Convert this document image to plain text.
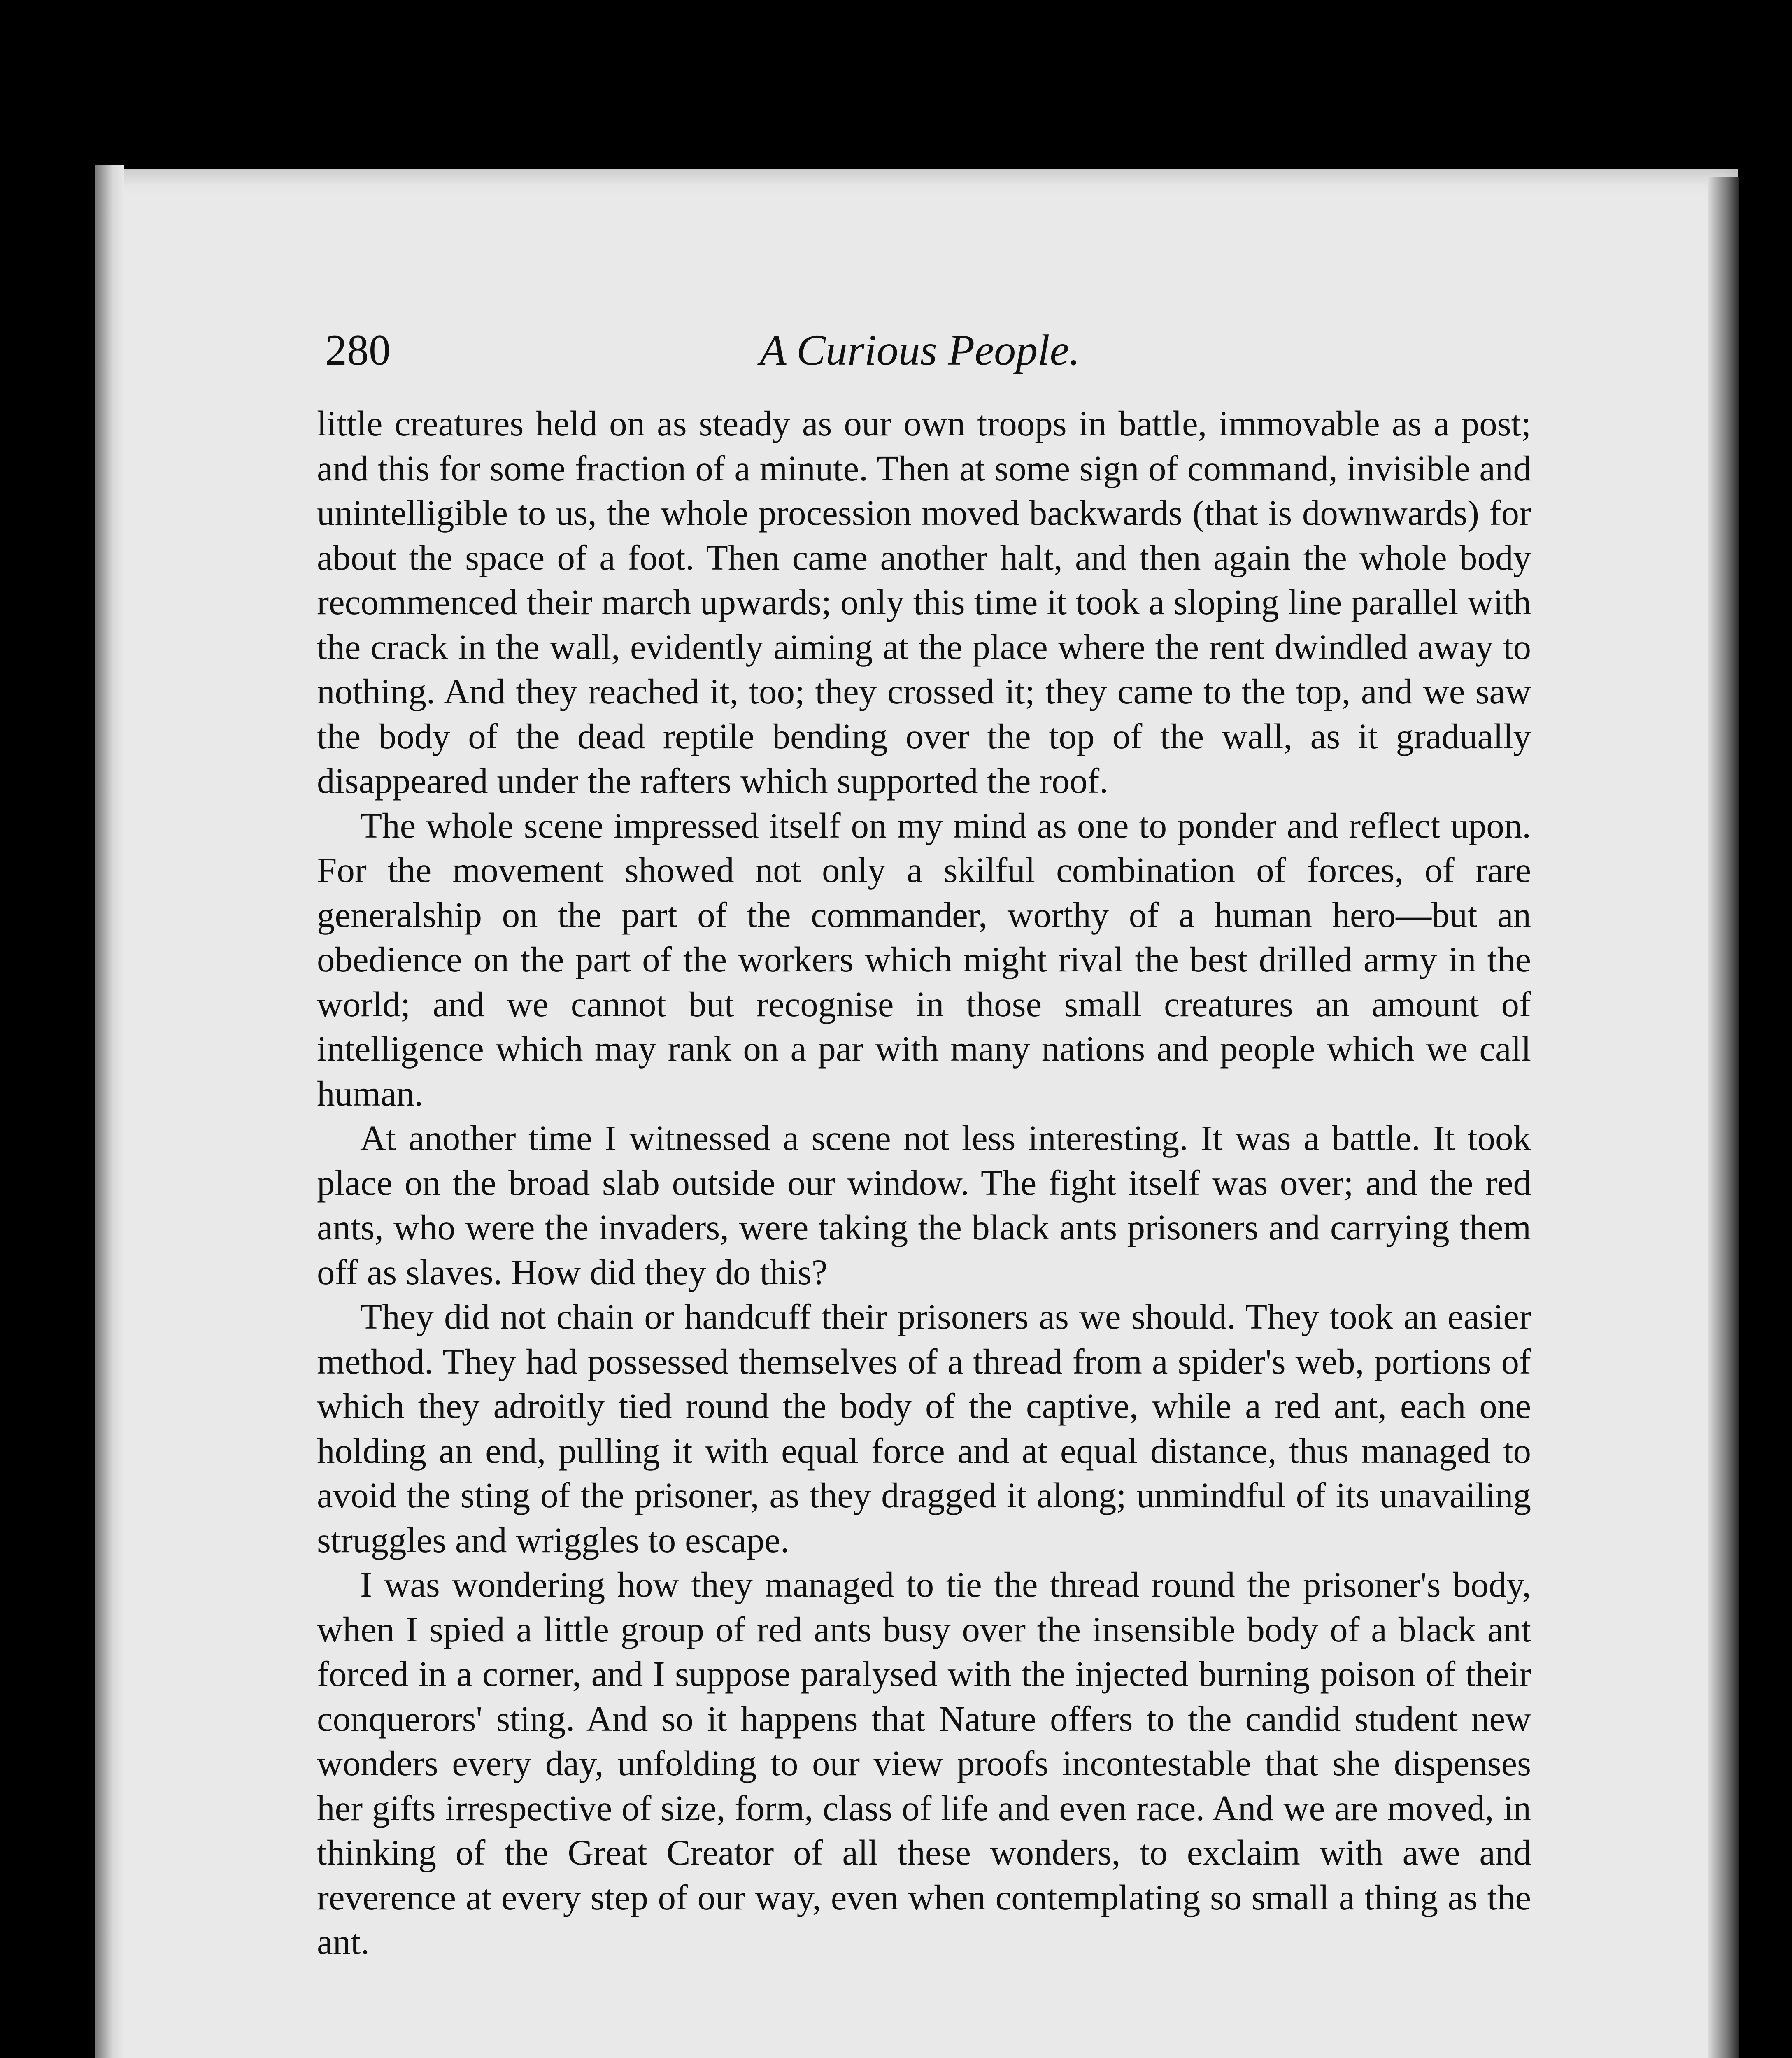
280	A Curious People.

little creatures held on as steady as our own troops in battle, immovable as a post; and this for some fraction of a minute. Then at some sign of command, invisible and unintelligible to us, the whole procession moved backwards (that is downwards) for about the space of a foot. Then came another halt, and then again the whole body recommenced their march upwards; only this time it took a sloping line parallel with the crack in the wall, evidently aiming at the place where the rent dwindled away to nothing. And they reached it, too; they crossed it; they came to the top, and we saw the body of the dead reptile bending over the top of the wall, as it gradually disappeared under the rafters which supported the roof.

The whole scene impressed itself on my mind as one to ponder and reflect upon. For the movement showed not only a skilful combination of forces, of rare generalship on the part of the commander, worthy of a human hero—but an obedience on the part of the workers which might rival the best drilled army in the world; and we cannot but recognise in those small creatures an amount of intelligence which may rank on a par with many nations and people which we call human.

At another time I witnessed a scene not less interesting. It was a battle. It took place on the broad slab outside our window. The fight itself was over; and the red ants, who were the invaders, were taking the black ants prisoners and carrying them off as slaves. How did they do this?

They did not chain or handcuff their prisoners as we should. They took an easier method. They had possessed themselves of a thread from a spider's web, portions of which they adroitly tied round the body of the captive, while a red ant, each one holding an end, pulling it with equal force and at equal distance, thus managed to avoid the sting of the prisoner, as they dragged it along; unmindful of its unavailing struggles and wriggles to escape.

I was wondering how they managed to tie the thread round the prisoner's body, when I spied a little group of red ants busy over the insensible body of a black ant forced in a corner, and I suppose paralysed with the injected burning poison of their conquerors' sting. And so it happens that Nature offers to the candid student new wonders every day, unfolding to our view proofs incontestable that she dispenses her gifts irrespective of size, form, class of life and even race. And we are moved, in thinking of the Great Creator of all these wonders, to exclaim with awe and reverence at every step of our way, even when contemplating so small a thing as the ant.
